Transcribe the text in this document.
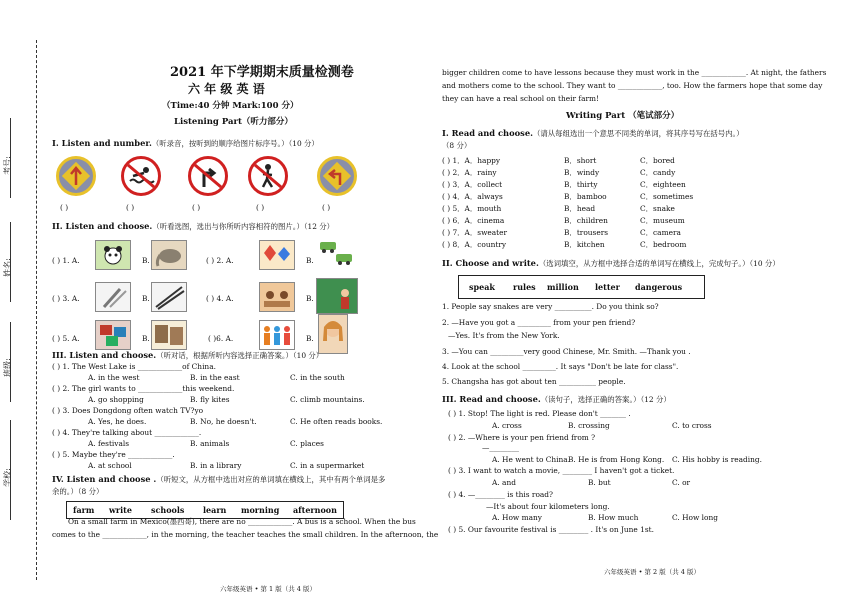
考号:
姓名:
班级:
学校:
2021 年下学期期末质量检测卷
六 年 级 英 语
（Time:40 分钟 Mark:100 分）
Listening Part（听力部分）
I. Listen and number.（听录音，按听到的顺序给图片标序号。）（10 分）
( )	( )	( )	( )	( )
II. Listen and choose.（听看选图，选出与你所听内容相符的图片。）（12 分）
( ) 1. A.	B.	( ) 2. A.	B.
( ) 3. A.	B.	( ) 4. A.	B.
( ) 5. A.	B.	( )6. A.	B.
III. Listen and choose.（听对话，根据所听内容选择正确答案。）（10 分）
( ) 1. The West Lake is ____________of China.
A. in the west	B. in the east	C. in the south
( ) 2. The girl wants to ____________this weekend.
A. go shopping	B. fly kites	C. climb mountains.
( ) 3. Does Dongdong often watch TV?yo
A. Yes, he does.	B. No, he doesn't.	C. He often reads books.
( ) 4. They're talking about ____________.
A. festivals	B. animals	C. places
( ) 5. Maybe they're ____________.
A. at school	B. in a library	C. in a supermarket
IV. Listen and choose .（听短文，从方框中选出对应的单词填在横线上，其中有两个单词是多
余的。）（8 分）
farm write schools learn morning afternoon
On a small farm in Mexico(墨西哥), there are no ____________. A bus is a school. When the bus
comes to the ____________, in the morning, the teacher teaches the small children. In the afternoon, the
六年级英语 • 第 1 版（共 4 版）
bigger children come to have lessons because they must work in the ____________. At night, the fathers
and mothers come to the school. They want to ____________, too. How the farmers hope that some day
they can have a real school on their farm!
Writing Part （笔试部分）
I. Read and choose.（请从每组选出一个意思不同类的单词，将其序号写在括号内。）
（8 分）
( ) 1．A．happy	B．short	C．bored
( ) 2．A．rainy	B．windy	C．candy
( ) 3．A．collect	B．thirty	C．eighteen
( ) 4．A．always	B．bamboo	C．sometimes
( ) 5．A．mouth	B．head	C．snake
( ) 6．A．cinema	B．children	C．museum
( ) 7．A．sweater	B．trousers	C．camera
( ) 8．A．country	B．kitchen	C．bedroom
II. Choose and write.（选词填空，从方框中选择合适的单词写在横线上，完成句子。）（10 分）
speak rules million letter dangerous
1. People say snakes are very __________. Do you think so?
2. —Have you got a _________ from your pen friend?
—Yes. It's from the New York.
3. —You can _________very good Chinese, Mr. Smith. —Thank you .
4. Look at the school _________. It says "Don't be late for class".
5. Changsha has got about ten __________ people.
III. Read and choose.（读句子，选择正确的答案。）（12 分）
( ) 1. Stop! The light is red. Please don't _______ .
A. cross	B. crossing	C. to cross
( ) 2. —Where is your pen friend from ?
—________
A. He went to China.
B. He is from Hong Kong. C. His hobby is reading.
( ) 3. I want to watch a movie, ________ I haven't got a ticket.
A. and	B. but	C. or
( ) 4. —________ is this road?
—It's about four kilometers long.
A. How many	B. How much	C. How long
( ) 5. Our favourite festival is ________ . It's on June 1st.
六年级英语 • 第 2 版（共 4 版）
